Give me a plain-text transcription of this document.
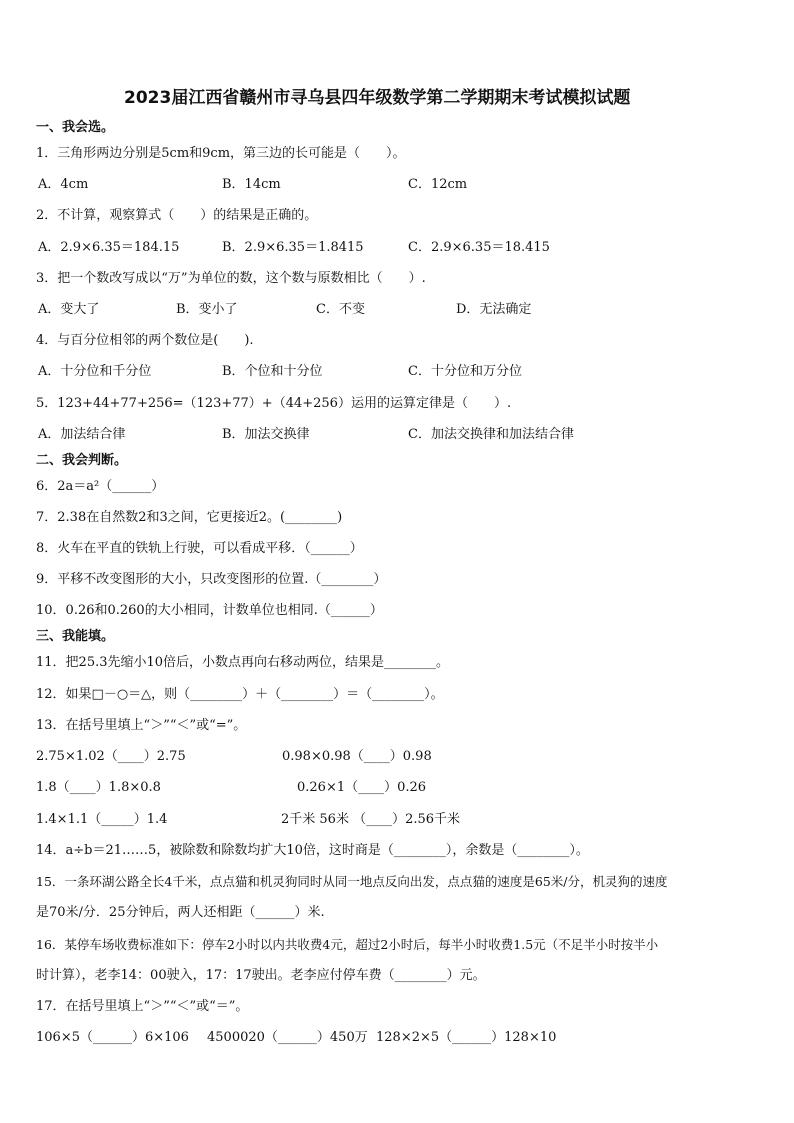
2023届江西省赣州市寻乌县四年级数学第二学期期末考试模拟试题
一、我会选。
1．三角形两边分别是5cm和9cm，第三边的长可能是（　　）。
A．4cm	B．14cm	C．12cm
2．不计算，观察算式（　　）的结果是正确的。
A．2.9×6.35＝184.15	B．2.9×6.35＝1.8415	C．2.9×6.35＝18.415
3．把一个数改写成以“万”为单位的数，这个数与原数相比（　　）.
A．变大了	B．变小了	C．不变	D．无法确定
4．与百分位相邻的两个数位是(　　).
A．十分位和千分位	B．个位和十分位	C．十分位和万分位
5．123+44+77+256=（123+77）+（44+256）运用的运算定律是（　　）.
A．加法结合律	B．加法交换律	C．加法交换律和加法结合律
二、我会判断。
6．2a＝a²（______）
7．2.38在自然数2和3之间，它更接近2。(________)
8．火车在平直的铁轨上行驶，可以看成平移．（______）
9．平移不改变图形的大小，只改变图形的位置.（________）
10．0.26和0.260的大小相同，计数单位也相同.（______）
三、我能填。
11．把25.3先缩小10倍后，小数点再向右移动两位，结果是________。
12．如果□－○＝△，则（________）＋（________）＝（________）。
13．在括号里填上“＞”“＜”或“=”。
2.75×1.02（____）2.75	0.98×0.98（____）0.98
1.8（____）1.8×0.8	0.26×1（____）0.26
1.4×1.1（_____）1.4	2千米 56米 （____）2.56千米
14．a÷b＝21……5，被除数和除数均扩大10倍，这时商是（________），余数是（________）。
15．一条环湖公路全长4千米，点点猫和机灵狗同时从同一地点反向出发，点点猫的速度是65米/分，机灵狗的速度
是70米/分．25分钟后，两人还相距（______）米.
16．某停车场收费标准如下：停车2小时以内共收费4元，超过2小时后，每半小时收费1.5元（不足半小时按半小
时计算），老李14：00驶入，17：17驶出。老李应付停车费（________）元。
17．在括号里填上“＞”“＜”或“＝”。
106×5（______）6×106 4500020（______）450万 128×2×5（______）128×10
